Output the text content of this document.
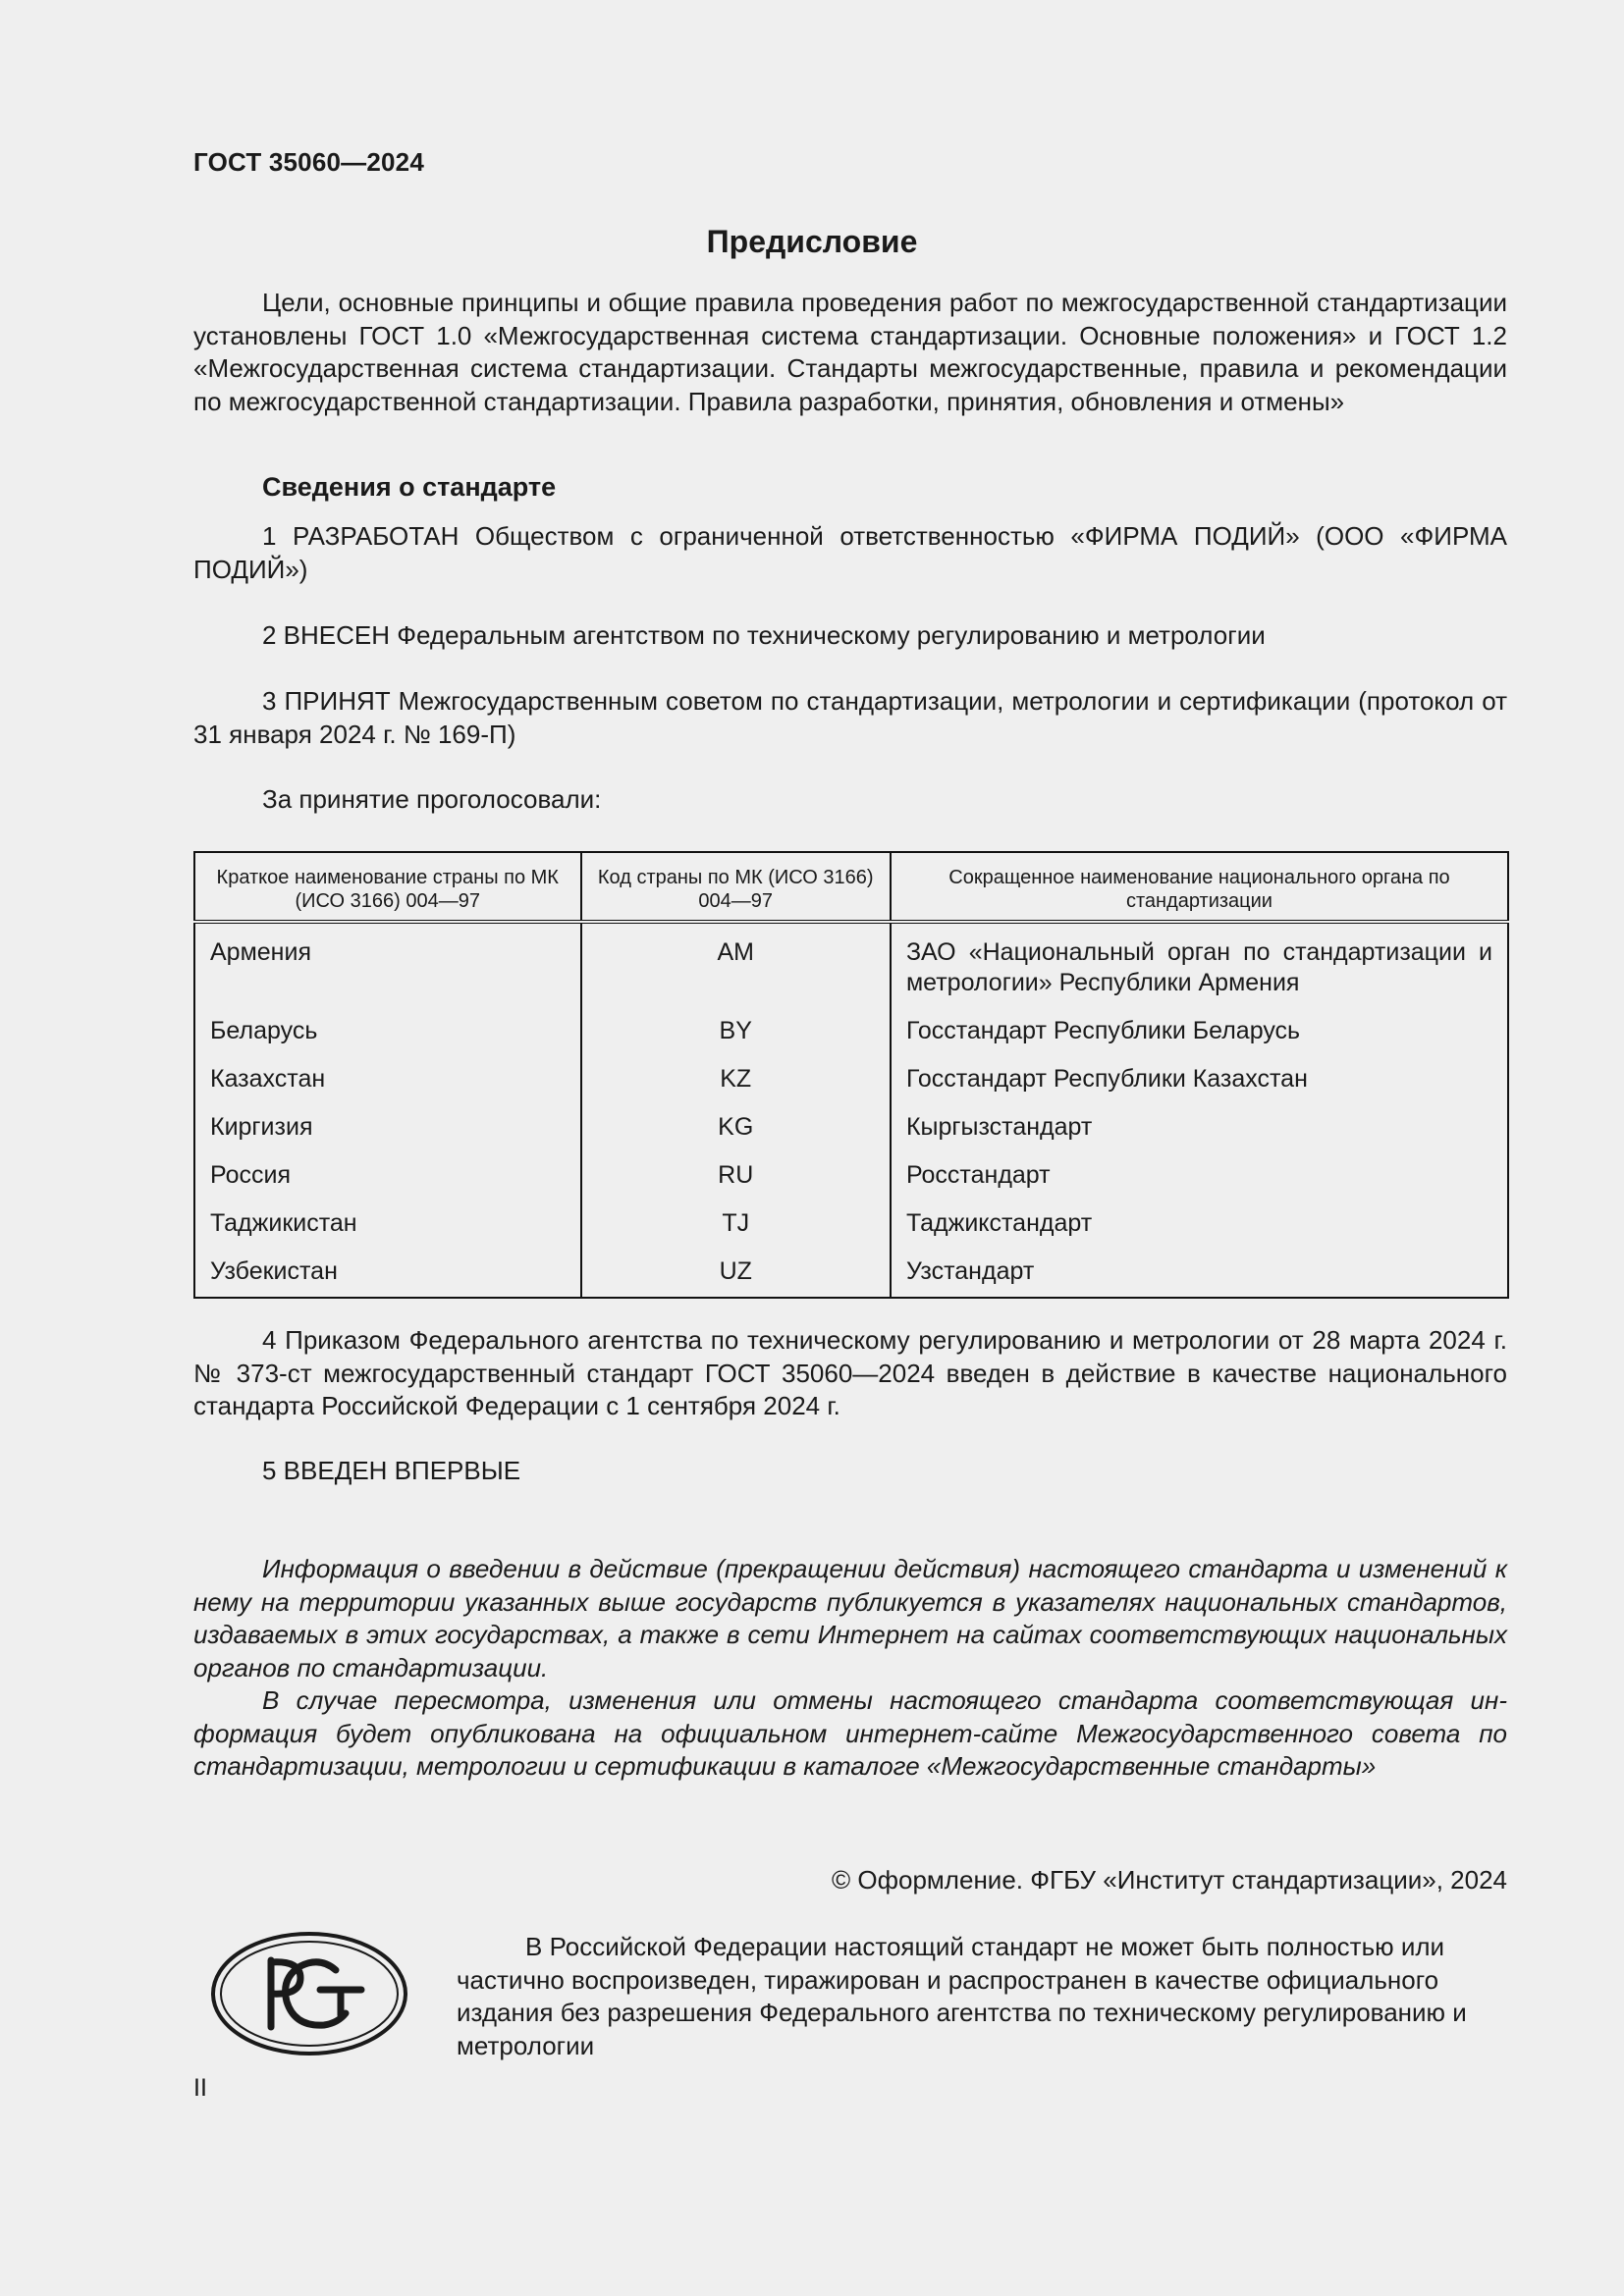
ГОСТ 35060—2024
Предисловие
Цели, основные принципы и общие правила проведения работ по межгосударственной стандартизации установлены ГОСТ 1.0 «Межгосударственная система стандартизации. Основные положения» и ГОСТ 1.2 «Межгосударственная система стандартизации. Стандарты межгосударственные, правила и рекомендации по межгосударственной стандартизации. Правила разработки, принятия, обновления и отмены»
Сведения о стандарте
1 РАЗРАБОТАН Обществом с ограниченной ответственностью «ФИРМА ПОДИЙ» (ООО «ФИРМА ПОДИЙ»)
2 ВНЕСЕН Федеральным агентством по техническому регулированию и метрологии
3 ПРИНЯТ Межгосударственным советом по стандартизации, метрологии и сертификации (протокол от 31 января 2024 г. № 169-П)
За принятие проголосовали:
Краткое наименование страны по МК (ИСО 3166) 004—97	Код страны по МК (ИСО 3166) 004—97	Сокращенное наименование национального органа по стандартизации
Армения	AM	ЗАО «Национальный орган по стандартизации и метрологии» Республики Армения
Беларусь	BY	Госстандарт Республики Беларусь
Казахстан	KZ	Госстандарт Республики Казахстан
Киргизия	KG	Кыргызстандарт
Россия	RU	Росстандарт
Таджикистан	TJ	Таджикстандарт
Узбекистан	UZ	Узстандарт
4 Приказом Федерального агентства по техническому регулированию и метрологии от 28 марта 2024 г. № 373-ст межгосударственный стандарт ГОСТ 35060—2024 введен в действие в качестве национального стандарта Российской Федерации с 1 сентября 2024 г.
5 ВВЕДЕН ВПЕРВЫЕ
Информация о введении в действие (прекращении действия) настоящего стандарта и изменений к нему на территории указанных выше государств публикуется в указателях национальных стандартов, издаваемых в этих государствах, а также в сети Интернет на сайтах соответствующих национальных органов по стандартизации.
В случае пересмотра, изменения или отмены настоящего стандарта соответствующая информация будет опубликована на официальном интернет-сайте Межгосударственного совета по стандартизации, метрологии и сертификации в каталоге «Межгосударственные стандарты»
© Оформление. ФГБУ «Институт стандартизации», 2024
В Российской Федерации настоящий стандарт не может быть полностью или частично воспроизведен, тиражирован и распространен в качестве официального издания без разрешения Федерального агентства по техническому регулированию и метрологии
II
